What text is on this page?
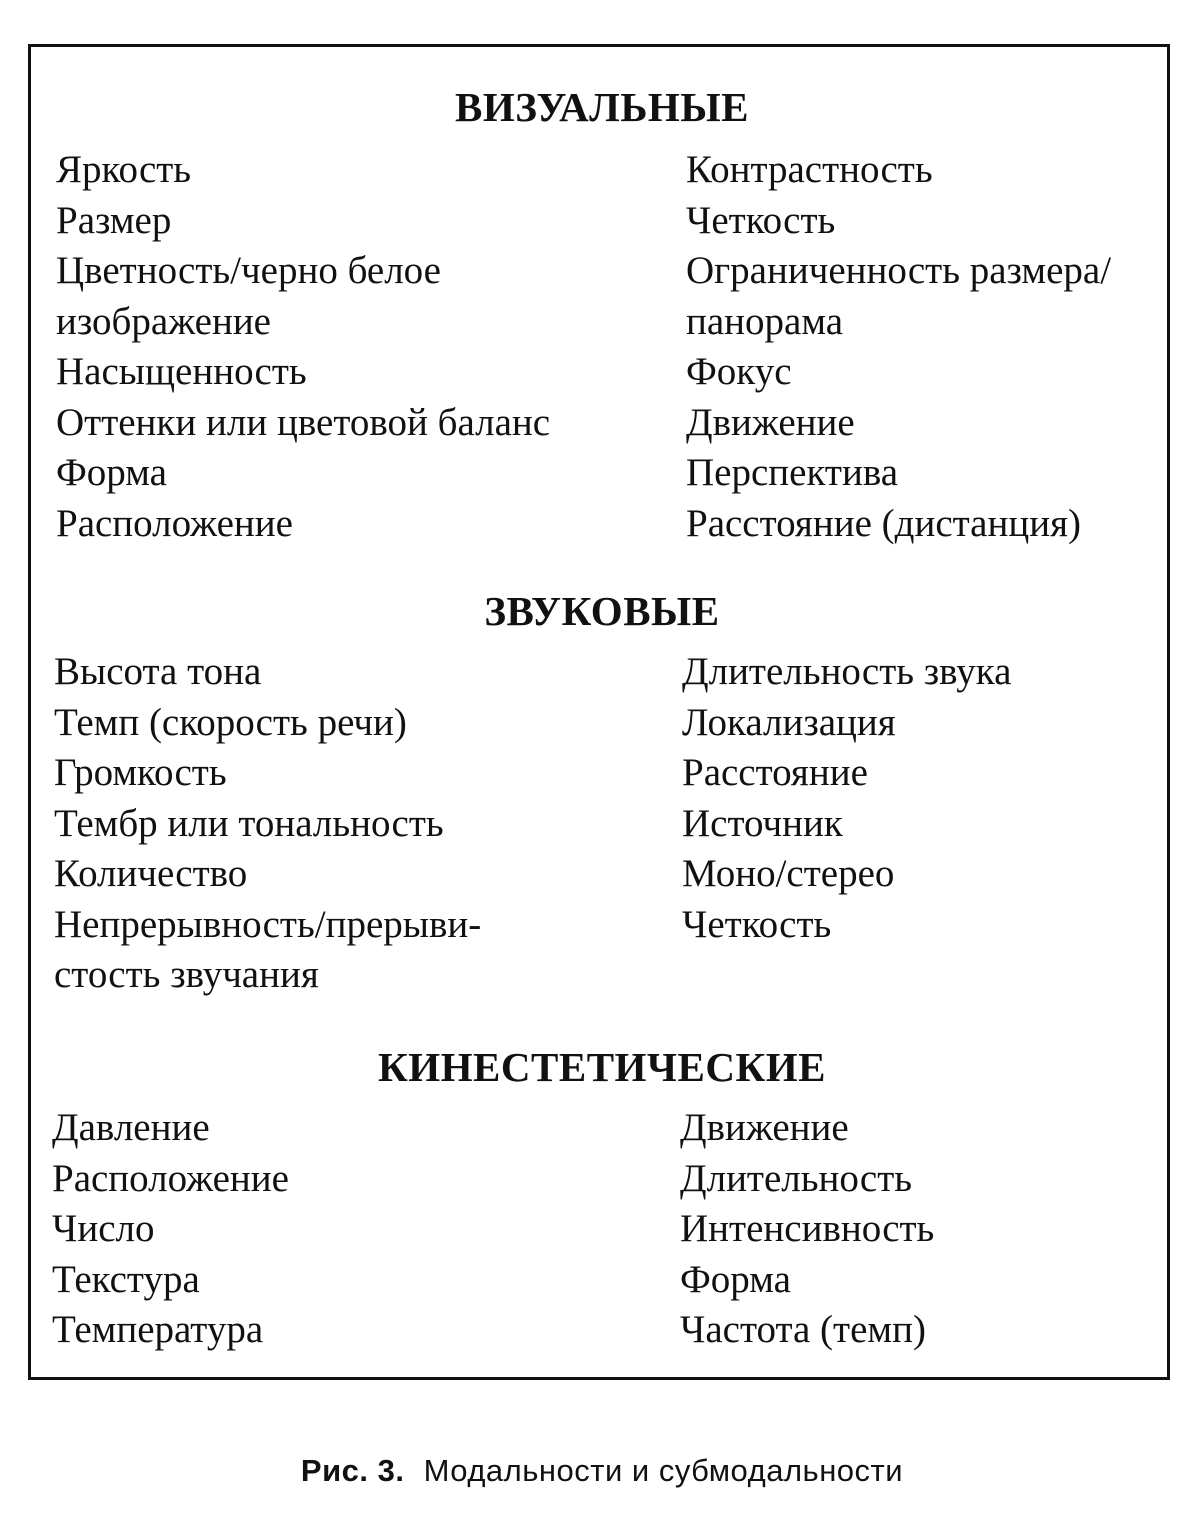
ВИЗУАЛЬНЫЕ
Яркость
Размер
Цветность/черно белое
изображение
Насыщенность
Оттенки или цветовой баланс
Форма
Расположение
Контрастность
Четкость
Ограниченность размера/
панорама
Фокус
Движение
Перспектива
Расстояние (дистанция)
ЗВУКОВЫЕ
Высота тона
Темп (скорость речи)
Громкость
Тембр или тональность
Количество
Непрерывность/прерыви-
стость звучания
Длительность звука
Локализация
Расстояние
Источник
Моно/стерео
Четкость
КИНЕСТЕТИЧЕСКИЕ
Давление
Расположение
Число
Текстура
Температура
Движение
Длительность
Интенсивность
Форма
Частота (темп)
Рис. 3. Модальности и субмодальности
